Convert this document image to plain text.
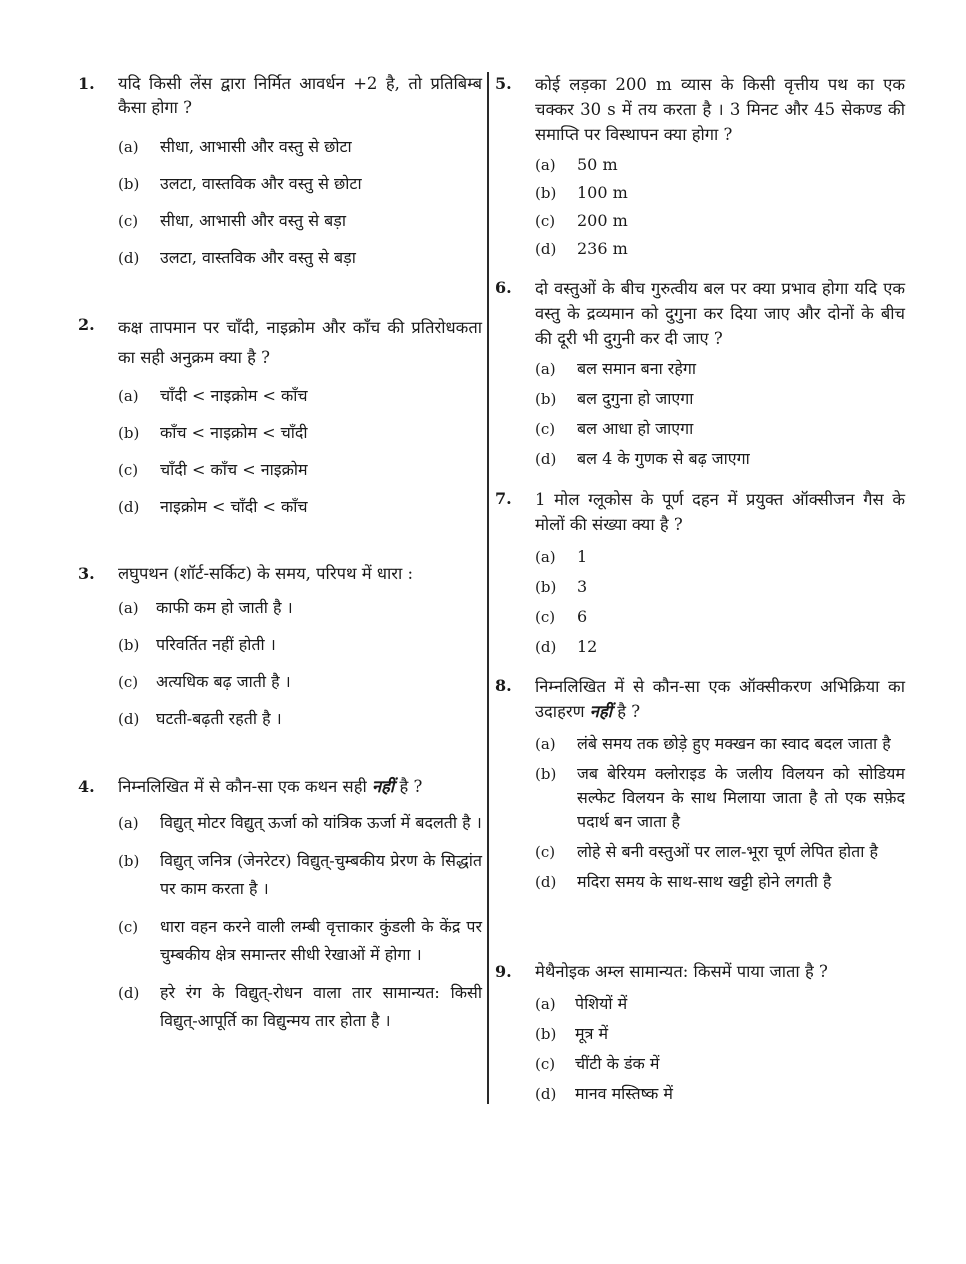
1.	यदि किसी लेंस द्वारा निर्मित आवर्धन +2 है, तो प्रतिबिम्ब कैसा होगा ?
(a)	सीधा, आभासी और वस्तु से छोटा
(b)	उलटा, वास्तविक और वस्तु से छोटा
(c)	सीधा, आभासी और वस्तु से बड़ा
(d)	उलटा, वास्तविक और वस्तु से बड़ा
2.	कक्ष तापमान पर चाँदी, नाइक्रोम और काँच की प्रतिरोधकता का सही अनुक्रम क्या है ?
(a)	चाँदी < नाइक्रोम < काँच
(b)	काँच < नाइक्रोम < चाँदी
(c)	चाँदी < काँच < नाइक्रोम
(d)	नाइक्रोम < चाँदी < काँच
3.	लघुपथन (शॉर्ट-सर्किट) के समय, परिपथ में धारा :
(a)	काफी कम हो जाती है ।
(b)	परिवर्तित नहीं होती ।
(c)	अत्यधिक बढ़ जाती है ।
(d)	घटती-बढ़ती रहती है ।
4.	निम्नलिखित में से कौन-सा एक कथन सही नहीं है ?
(a)	विद्युत् मोटर विद्युत् ऊर्जा को यांत्रिक ऊर्जा में बदलती है ।
(b)	विद्युत् जनित्र (जेनरेटर) विद्युत्-चुम्बकीय प्रेरण के सिद्धांत पर काम करता है ।
(c)	धारा वहन करने वाली लम्बी वृत्ताकार कुंडली के केंद्र पर चुम्बकीय क्षेत्र समान्तर सीधी रेखाओं में होगा ।
(d)	हरे रंग के विद्युत्-रोधन वाला तार सामान्यत: किसी विद्युत्-आपूर्ति का विद्युन्मय तार होता है ।
5.	कोई लड़का 200 m व्यास के किसी वृत्तीय पथ का एक चक्कर 30 s में तय करता है । 3 मिनट और 45 सेकण्ड की समाप्ति पर विस्थापन क्या होगा ?
(a)	50 m
(b)	100 m
(c)	200 m
(d)	236 m
6.	दो वस्तुओं के बीच गुरुत्वीय बल पर क्या प्रभाव होगा यदि एक वस्तु के द्रव्यमान को दुगुना कर दिया जाए और दोनों के बीच की दूरी भी दुगुनी कर दी जाए ?
(a)	बल समान बना रहेगा
(b)	बल दुगुना हो जाएगा
(c)	बल आधा हो जाएगा
(d)	बल 4 के गुणक से बढ़ जाएगा
7.	1 मोल ग्लूकोस के पूर्ण दहन में प्रयुक्त ऑक्सीजन गैस के मोलों की संख्या क्या है ?
(a)	1
(b)	3
(c)	6
(d)	12
8.	निम्नलिखित में से कौन-सा एक ऑक्सीकरण अभिक्रिया का उदाहरण नहीं है ?
(a)	लंबे समय तक छोड़े हुए मक्खन का स्वाद बदल जाता है
(b)	जब बेरियम क्लोराइड के जलीय विलयन को सोडियम सल्फेट विलयन के साथ मिलाया जाता है तो एक सफ़ेद पदार्थ बन जाता है
(c)	लोहे से बनी वस्तुओं पर लाल-भूरा चूर्ण लेपित होता है
(d)	मदिरा समय के साथ-साथ खट्टी होने लगती है
9.	मेथैनोइक अम्ल सामान्यत: किसमें पाया जाता है ?
(a)	पेशियों में
(b)	मूत्र में
(c)	चींटी के डंक में
(d)	मानव मस्तिष्क में
